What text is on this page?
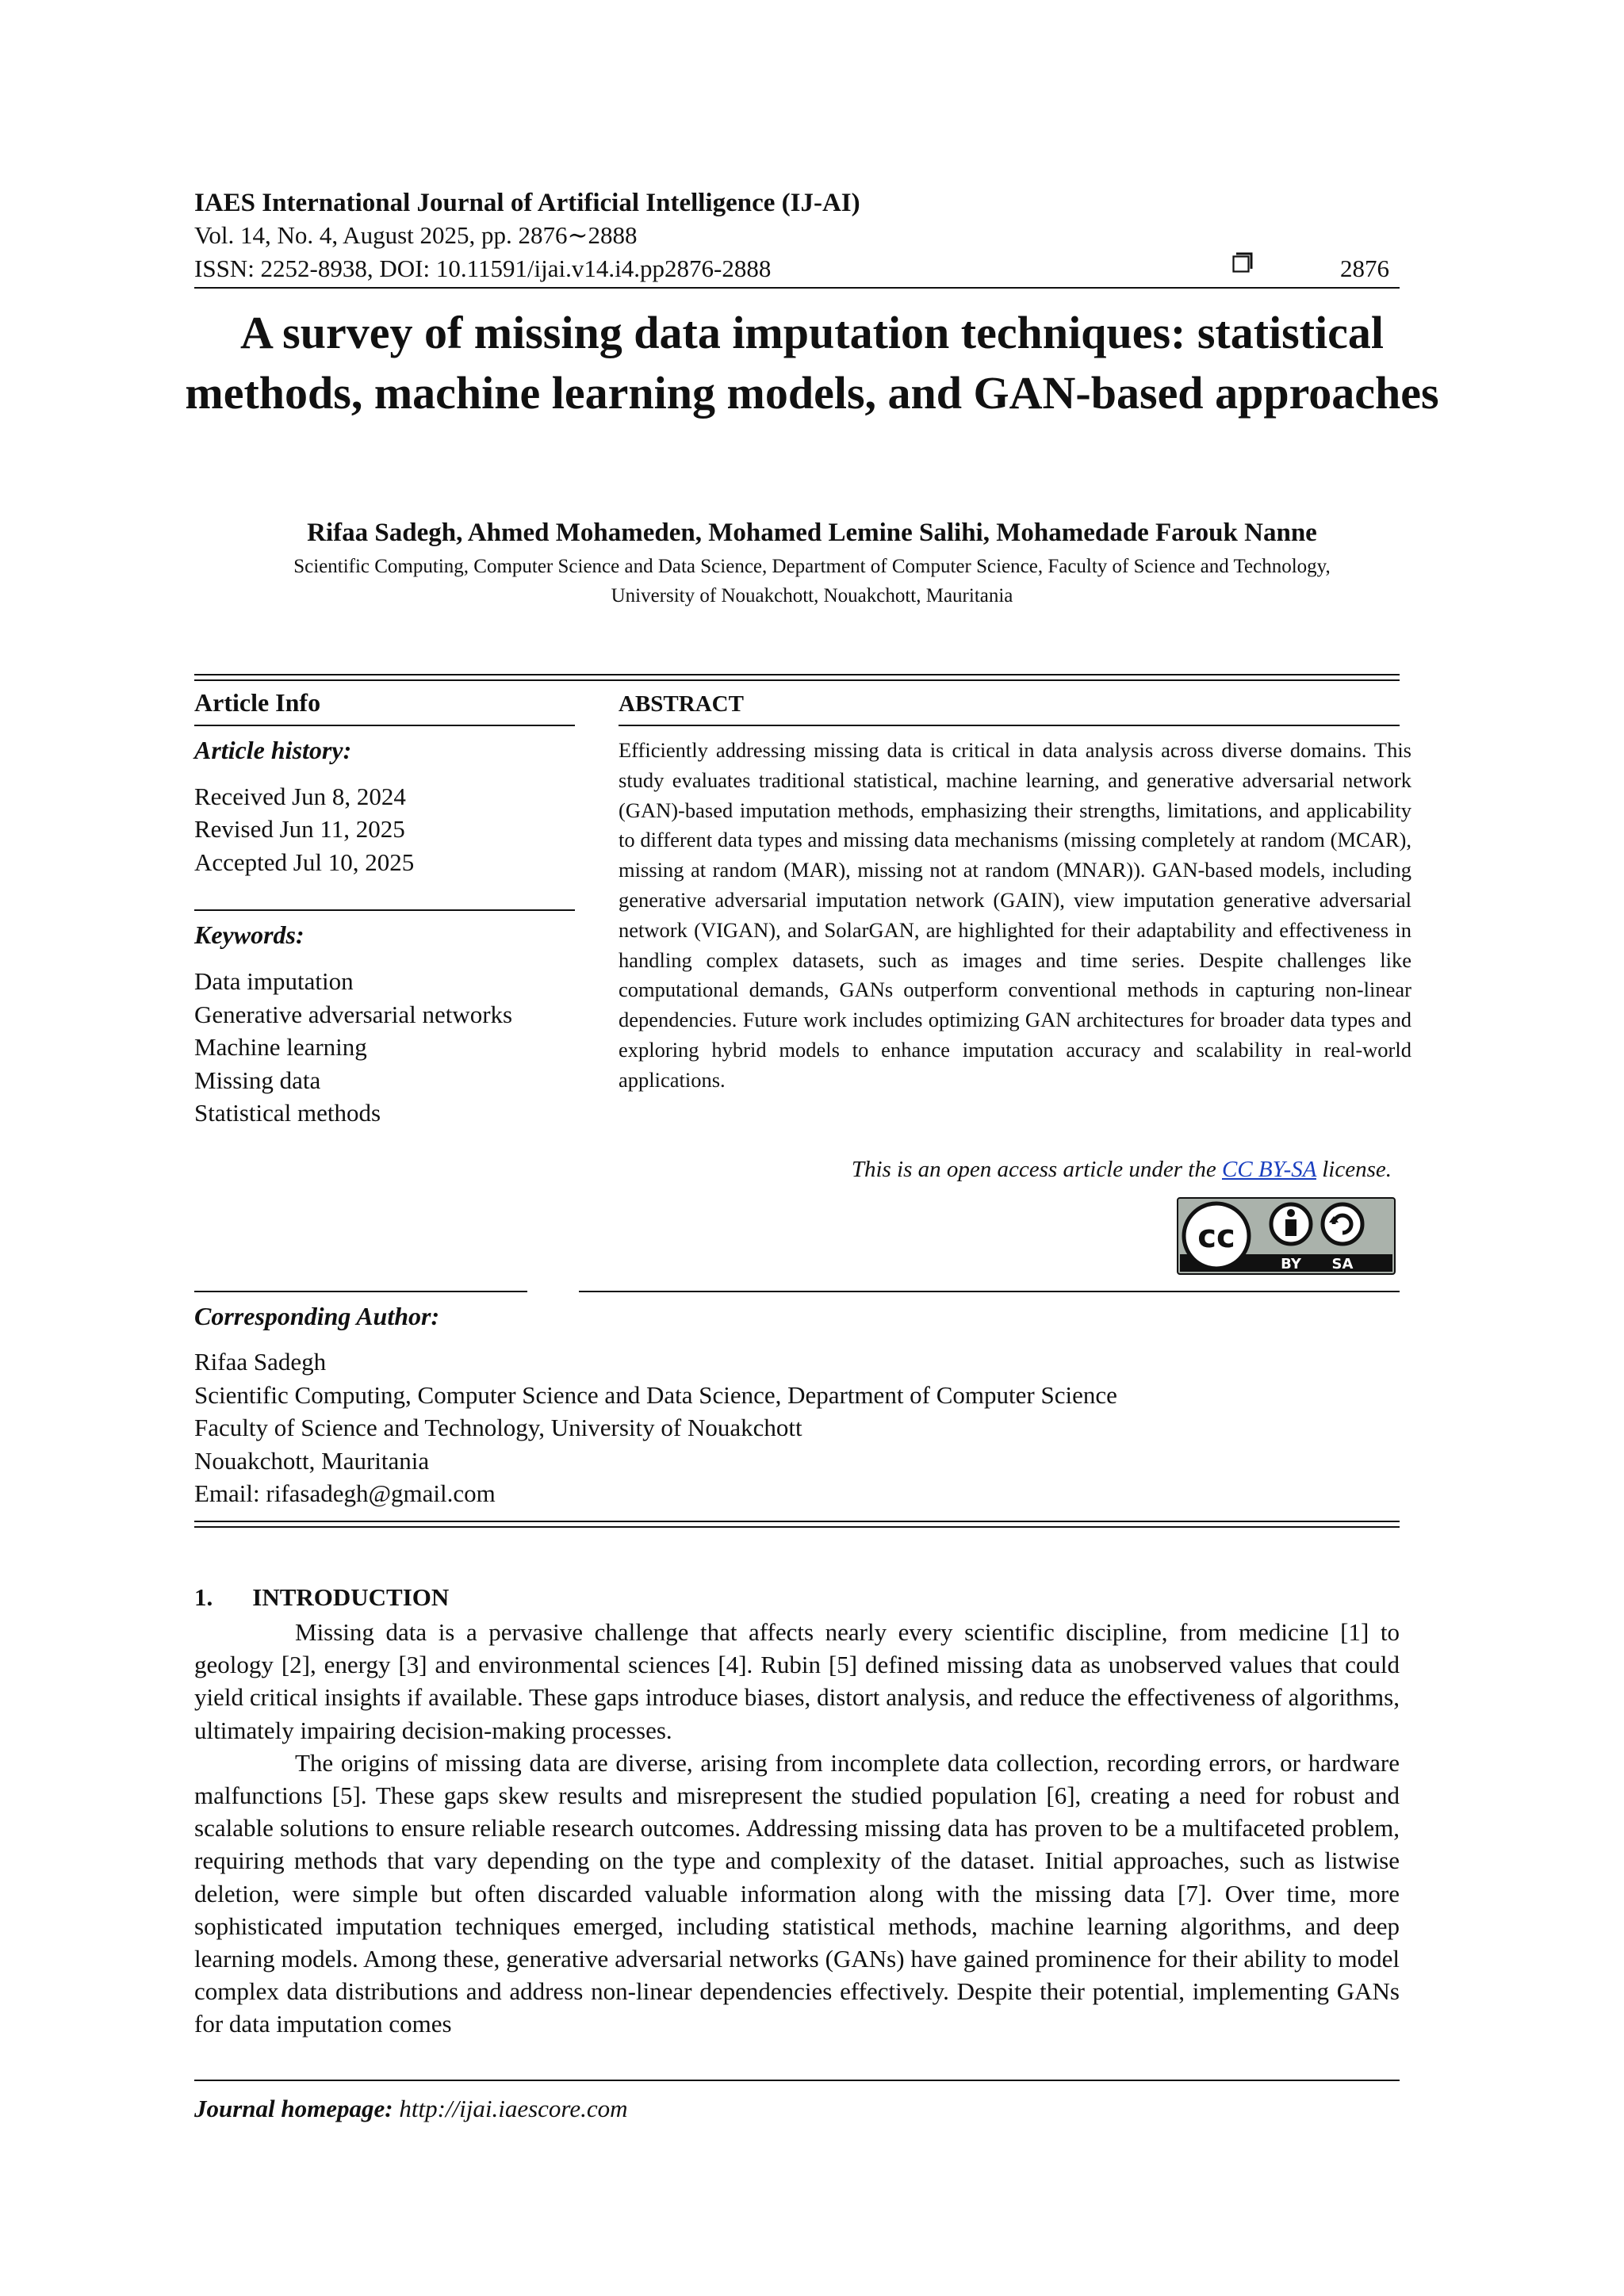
IAES International Journal of Artificial Intelligence (IJ-AI)
Vol. 14, No. 4, August 2025, pp. 2876∼2888
ISSN: 2252-8938, DOI: 10.11591/ijai.v14.i4.pp2876-2888	2876
A survey of missing data imputation techniques: statistical methods, machine learning models, and GAN-based approaches
Rifaa Sadegh, Ahmed Mohameden, Mohamed Lemine Salihi, Mohamedade Farouk Nanne
Scientific Computing, Computer Science and Data Science, Department of Computer Science, Faculty of Science and Technology,
University of Nouakchott, Nouakchott, Mauritania
Article Info
Article history:
Received Jun 8, 2024
Revised Jun 11, 2025
Accepted Jul 10, 2025
Keywords:
Data imputation
Generative adversarial networks
Machine learning
Missing data
Statistical methods
ABSTRACT
Efficiently addressing missing data is critical in data analysis across diverse domains. This study evaluates traditional statistical, machine learning, and generative adversarial network (GAN)-based imputation methods, emphasizing their strengths, limitations, and applicability to different data types and missing data mechanisms (missing completely at random (MCAR), missing at random (MAR), missing not at random (MNAR)). GAN-based models, including generative adversarial imputation network (GAIN), view imputation generative adversarial network (VIGAN), and SolarGAN, are highlighted for their adaptability and effectiveness in handling complex datasets, such as images and time series. Despite challenges like computational demands, GANs outperform conventional methods in capturing non-linear dependencies. Future work includes optimizing GAN architectures for broader data types and exploring hybrid models to enhance imputation accuracy and scalability in real-world applications.
This is an open access article under the CC BY-SA license.
cc
BY SA
Corresponding Author:
Rifaa Sadegh
Scientific Computing, Computer Science and Data Science, Department of Computer Science
Faculty of Science and Technology, University of Nouakchott
Nouakchott, Mauritania
Email: rifasadegh@gmail.com
1. INTRODUCTION

Missing data is a pervasive challenge that affects nearly every scientific discipline, from medicine [1] to geology [2], energy [3] and environmental sciences [4]. Rubin [5] defined missing data as unobserved values that could yield critical insights if available. These gaps introduce biases, distort analysis, and reduce the effectiveness of algorithms, ultimately impairing decision-making processes.

The origins of missing data are diverse, arising from incomplete data collection, recording errors, or hardware malfunctions [5]. These gaps skew results and misrepresent the studied population [6], creating a need for robust and scalable solutions to ensure reliable research outcomes. Addressing missing data has proven to be a multifaceted problem, requiring methods that vary depending on the type and complexity of the dataset. Initial approaches, such as listwise deletion, were simple but often discarded valuable information along with the missing data [7]. Over time, more sophisticated imputation techniques emerged, including statistical methods, machine learning algorithms, and deep learning models. Among these, generative adversarial networks (GANs) have gained prominence for their ability to model complex data distributions and address non-linear dependencies effectively. Despite their potential, implementing GANs for data imputation comes

Journal homepage: http://ijai.iaescore.com
